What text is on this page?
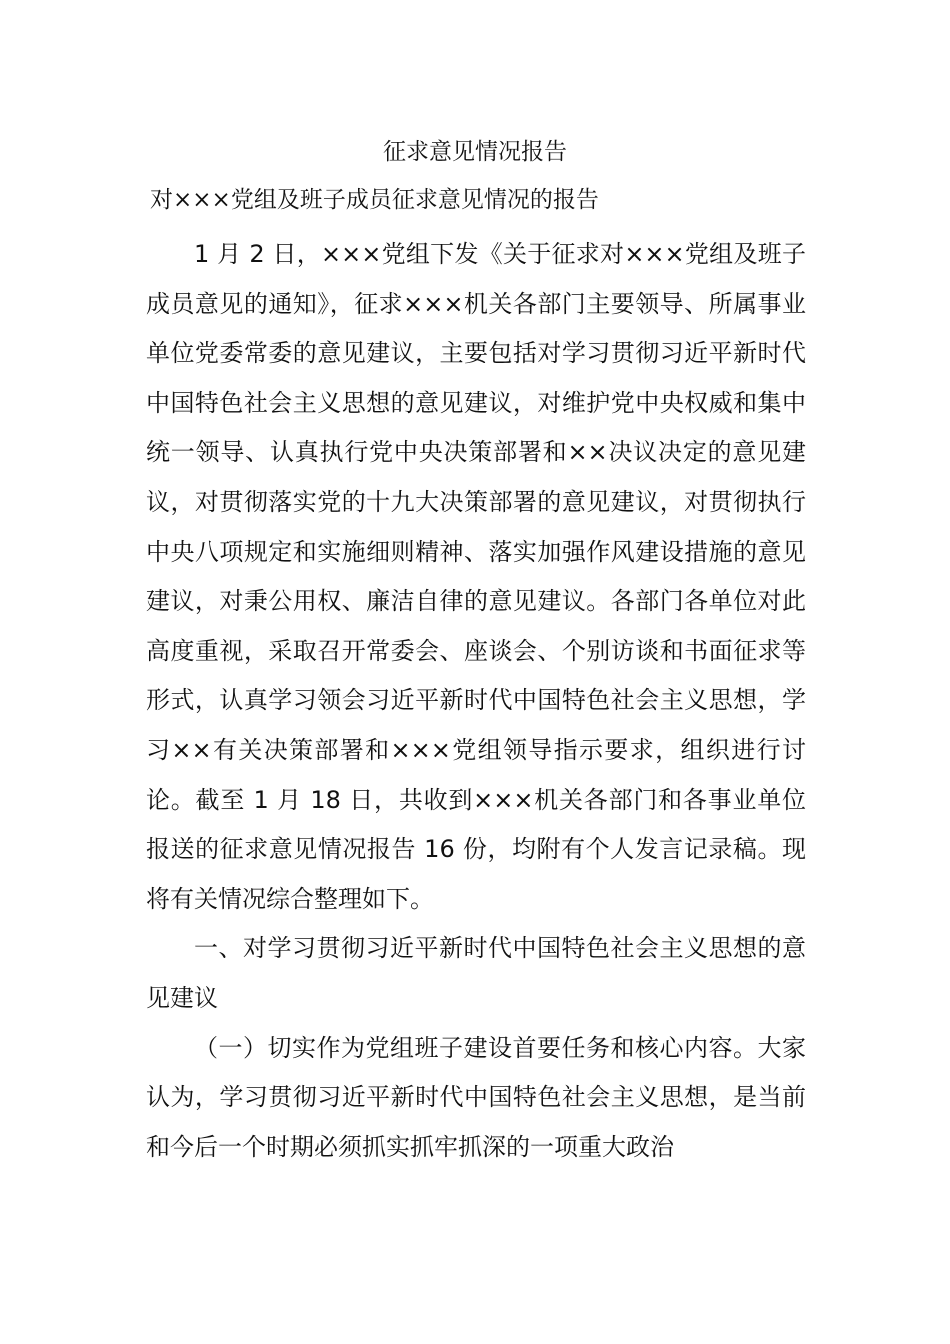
征求意见情况报告
对×××党组及班子成员征求意见情况的报告

1 月 2 日，×××党组下发《关于征求对×××党组及班子成员意见的通知》，征求×××机关各部门主要领导、所属事业单位党委常委的意见建议，主要包括对学习贯彻习近平新时代中国特色社会主义思想的意见建议，对维护党中央权威和集中统一领导、认真执行党中央决策部署和××决议决定的意见建议，对贯彻落实党的十九大决策部署的意见建议，对贯彻执行中央八项规定和实施细则精神、落实加强作风建设措施的意见建议，对秉公用权、廉洁自律的意见建议。各部门各单位对此高度重视，采取召开常委会、座谈会、个别访谈和书面征求等形式，认真学习领会习近平新时代中国特色社会主义思想，学习××有关决策部署和×××党组领导指示要求，组织进行讨论。截至 1 月 18 日，共收到×××机关各部门和各事业单位报送的征求意见情况报告 16 份，均附有个人发言记录稿。现将有关情况综合整理如下。

一、对学习贯彻习近平新时代中国特色社会主义思想的意见建议

（一）切实作为党组班子建设首要任务和核心内容。大家认为，学习贯彻习近平新时代中国特色社会主义思想，是当前和今后一个时期必须抓实抓牢抓深的一项重大政治
